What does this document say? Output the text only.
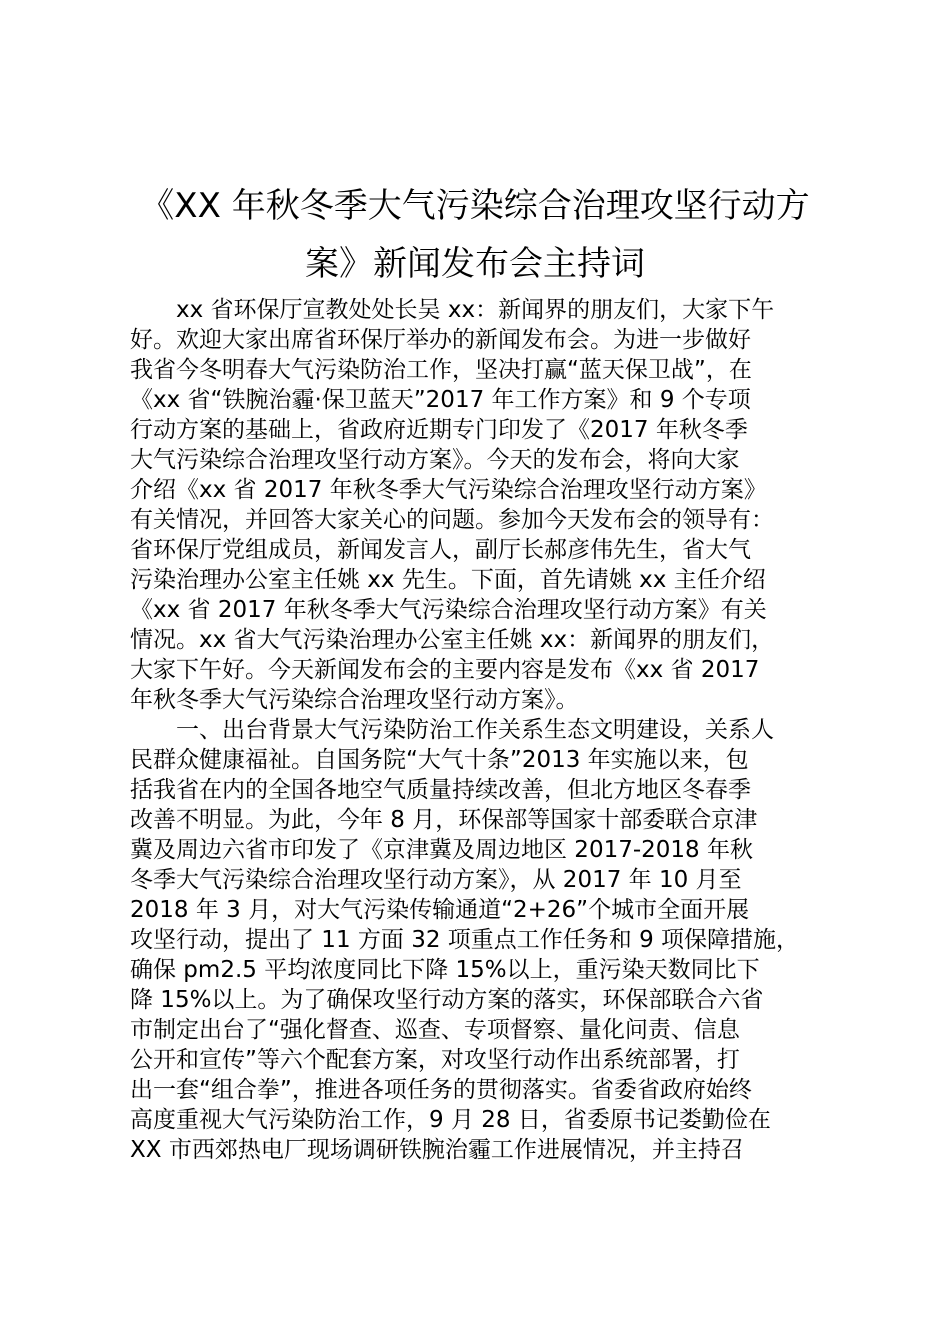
《XX 年秋冬季大气污染综合治理攻坚行动方
案》新闻发布会主持词
xx 省环保厅宣教处处长吴 xx：新闻界的朋友们，大家下午
好。欢迎大家出席省环保厅举办的新闻发布会。为进一步做好
我省今冬明春大气污染防治工作，坚决打赢“蓝天保卫战”，在
《xx 省“铁腕治霾·保卫蓝天”2017 年工作方案》和 9 个专项
行动方案的基础上，省政府近期专门印发了《2017 年秋冬季
大气污染综合治理攻坚行动方案》。今天的发布会，将向大家
介绍《xx 省 2017 年秋冬季大气污染综合治理攻坚行动方案》
有关情况，并回答大家关心的问题。参加今天发布会的领导有：
省环保厅党组成员，新闻发言人，副厅长郝彦伟先生，省大气
污染治理办公室主任姚 xx 先生。下面，首先请姚 xx 主任介绍
《xx 省 2017 年秋冬季大气污染综合治理攻坚行动方案》有关
情况。xx 省大气污染治理办公室主任姚 xx：新闻界的朋友们，
大家下午好。今天新闻发布会的主要内容是发布《xx 省 2017
年秋冬季大气污染综合治理攻坚行动方案》。
一、出台背景大气污染防治工作关系生态文明建设，关系人
民群众健康福祉。自国务院“大气十条”2013 年实施以来，包
括我省在内的全国各地空气质量持续改善，但北方地区冬春季
改善不明显。为此，今年 8 月，环保部等国家十部委联合京津
冀及周边六省市印发了《京津冀及周边地区 2017-2018 年秋
冬季大气污染综合治理攻坚行动方案》，从 2017 年 10 月至
2018 年 3 月，对大气污染传输通道“2+26”个城市全面开展
攻坚行动，提出了 11 方面 32 项重点工作任务和 9 项保障措施，
确保 pm2.5 平均浓度同比下降 15%以上，重污染天数同比下
降 15%以上。为了确保攻坚行动方案的落实，环保部联合六省
市制定出台了“强化督查、巡查、专项督察、量化问责、信息
公开和宣传”等六个配套方案，对攻坚行动作出系统部署，打
出一套“组合拳”，推进各项任务的贯彻落实。省委省政府始终
高度重视大气污染防治工作，9 月 28 日，省委原书记娄勤俭在
XX 市西郊热电厂现场调研铁腕治霾工作进展情况，并主持召
